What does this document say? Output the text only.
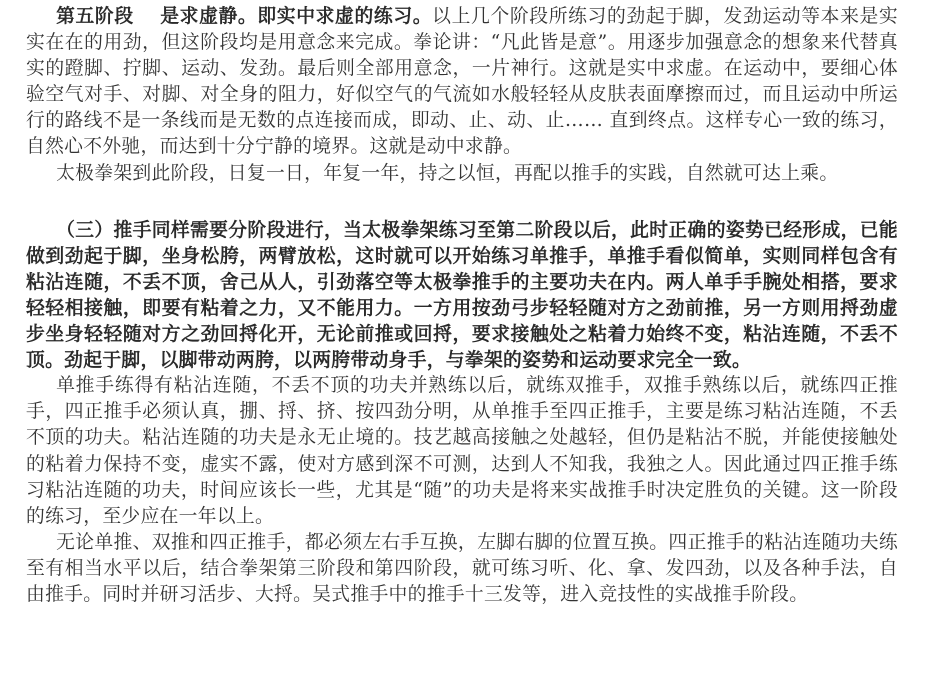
第五阶段 是求虚静。即实中求虚的练习。以上几个阶段所练习的劲起于脚，发劲运动等本来是实实在在的用劲，但这阶段均是用意念来完成。拳论讲：“凡此皆是意”。用逐步加强意念的想象来代替真实的蹬脚、拧脚、运动、发劲。最后则全部用意念，一片神行。这就是实中求虚。在运动中，要细心体验空气对手、对脚、对全身的阻力，好似空气的气流如水般轻轻从皮肤表面摩擦而过，而且运动中所运行的路线不是一条线而是无数的点连接而成，即动、止、动、止…… 直到终点。这样专心一致的练习，自然心不外驰，而达到十分宁静的境界。这就是动中求静。

太极拳架到此阶段，日复一日，年复一年，持之以恒，再配以推手的实践，自然就可达上乘。

（三）推手同样需要分阶段进行，当太极拳架练习至第二阶段以后，此时正确的姿势已经形成，已能做到劲起于脚，坐身松胯，两臂放松，这时就可以开始练习单推手，单推手看似简单，实则同样包含有粘沾连随，不丢不顶，舍己从人，引劲落空等太极拳推手的主要功夫在内。两人单手手腕处相搭，要求轻轻相接触，即要有粘着之力，又不能用力。一方用按劲弓步轻轻随对方之劲前推，另一方则用捋劲虚步坐身轻轻随对方之劲回捋化开，无论前推或回捋，要求接触处之粘着力始终不变，粘沾连随，不丢不顶。劲起于脚，以脚带动两胯，以两胯带动身手，与拳架的姿势和运动要求完全一致。

单推手练得有粘沾连随，不丢不顶的功夫并熟练以后，就练双推手，双推手熟练以后，就练四正推手，四正推手必须认真，掤、捋、挤、按四劲分明，从单推手至四正推手，主要是练习粘沾连随，不丢不顶的功夫。粘沾连随的功夫是永无止境的。技艺越高接触之处越轻，但仍是粘沾不脱，并能使接触处的粘着力保持不变，虚实不露，使对方感到深不可测，达到人不知我，我独之人。因此通过四正推手练习粘沾连随的功夫，时间应该长一些，尤其是“随”的功夫是将来实战推手时决定胜负的关键。这一阶段的练习，至少应在一年以上。

无论单推、双推和四正推手，都必须左右手互换，左脚右脚的位置互换。四正推手的粘沾连随功夫练至有相当水平以后，结合拳架第三阶段和第四阶段，就可练习听、化、拿、发四劲，以及各种手法，自由推手。同时并研习活步、大捋。吴式推手中的推手十三发等，进入竞技性的实战推手阶段。
